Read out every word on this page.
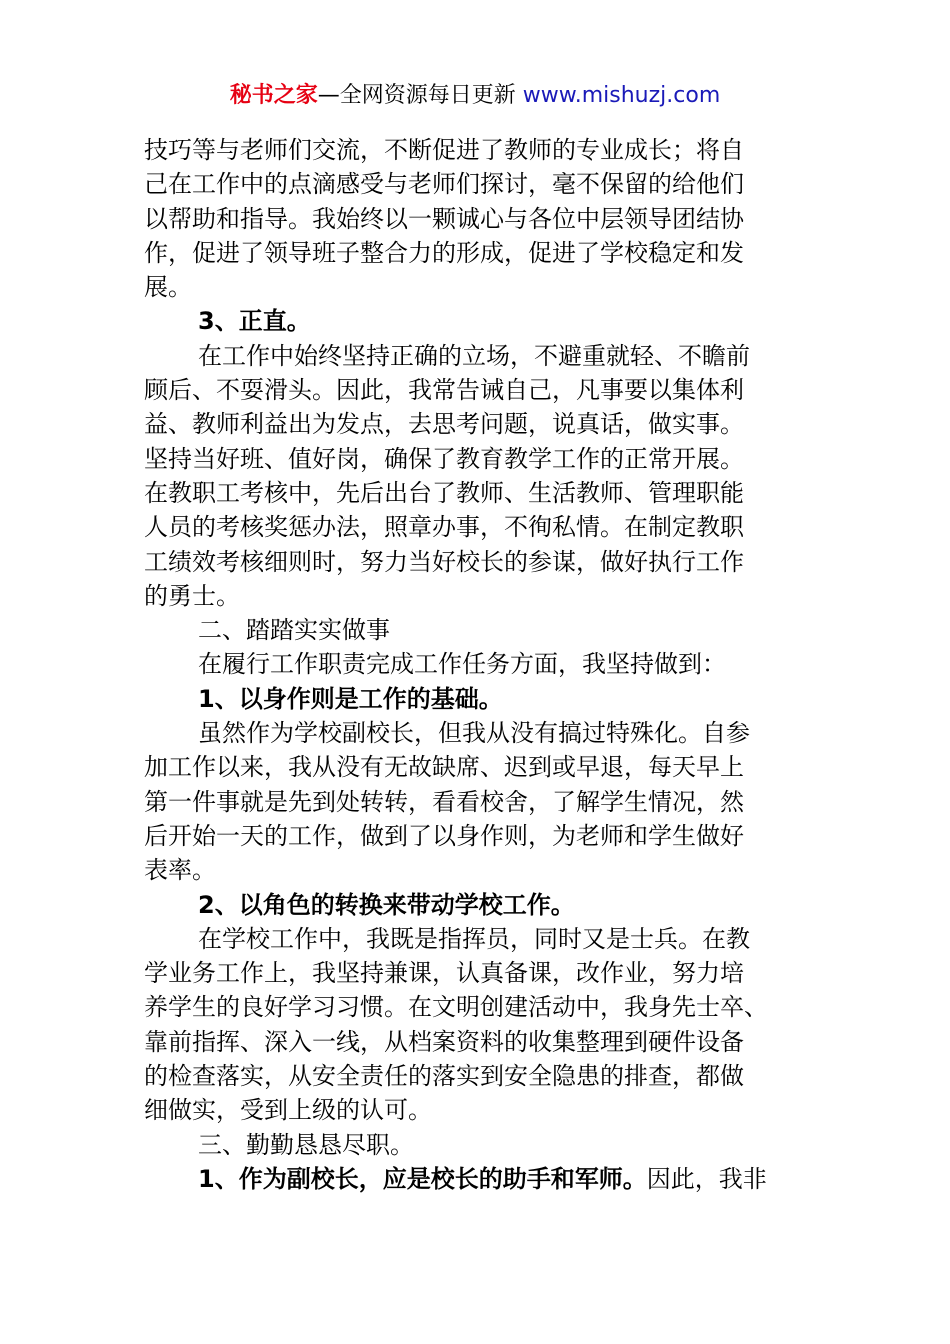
秘书之家—全网资源每日更新 www.mishuzj.com

技巧等与老师们交流，不断促进了教师的专业成长；将自

己在工作中的点滴感受与老师们探讨，毫不保留的给他们

以帮助和指导。我始终以一颗诚心与各位中层领导团结协

作，促进了领导班子整合力的形成，促进了学校稳定和发

展。

3、正直。

在工作中始终坚持正确的立场，不避重就轻、不瞻前

顾后、不耍滑头。因此，我常告诫自己，凡事要以集体利

益、教师利益出为发点，去思考问题，说真话，做实事。

坚持当好班、值好岗，确保了教育教学工作的正常开展。

在教职工考核中，先后出台了教师、生活教师、管理职能

人员的考核奖惩办法，照章办事，不徇私情。在制定教职

工绩效考核细则时，努力当好校长的参谋，做好执行工作

的勇士。

二、踏踏实实做事

在履行工作职责完成工作任务方面，我坚持做到：

1、以身作则是工作的基础。

虽然作为学校副校长，但我从没有搞过特殊化。自参

加工作以来，我从没有无故缺席、迟到或早退，每天早上

第一件事就是先到处转转，看看校舍，了解学生情况，然

后开始一天的工作，做到了以身作则，为老师和学生做好

表率。

2、以角色的转换来带动学校工作。

在学校工作中，我既是指挥员，同时又是士兵。在教

学业务工作上，我坚持兼课，认真备课，改作业，努力培

养学生的良好学习习惯。在文明创建活动中，我身先士卒、

靠前指挥、深入一线，从档案资料的收集整理到硬件设备

的检查落实，从安全责任的落实到安全隐患的排查，都做

细做实，受到上级的认可。

三、勤勤恳恳尽职。

1、作为副校长，应是校长的助手和军师。因此，我非
